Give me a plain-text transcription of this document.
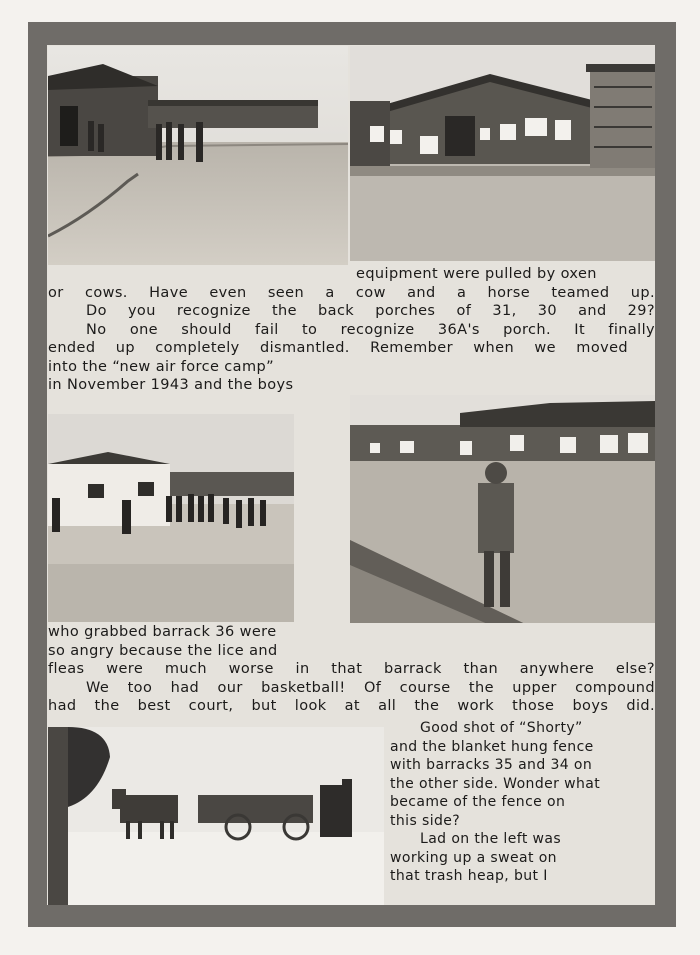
equipment were pulled by oxen
or cows. Have even seen a cow and a horse teamed up.
Do you recognize the back porches of 31, 30 and 29?
No one should fail to recognize 36A's porch. It finally
ended up completely dismantled. Remember when we moved
into the “new air force camp”
in November 1943 and the boys
who grabbed barrack 36 were
so angry because the lice and
fleas were much worse in that barrack than anywhere else?
We too had our basketball! Of course the upper compound
had the best court, but look at all the work those boys did.
Good shot of “Shorty”
and the blanket hung fence
with barracks 35 and 34 on
the other side. Wonder what
became of the fence on
this side?
Lad on the left was
working up a sweat on
that trash heap, but I
